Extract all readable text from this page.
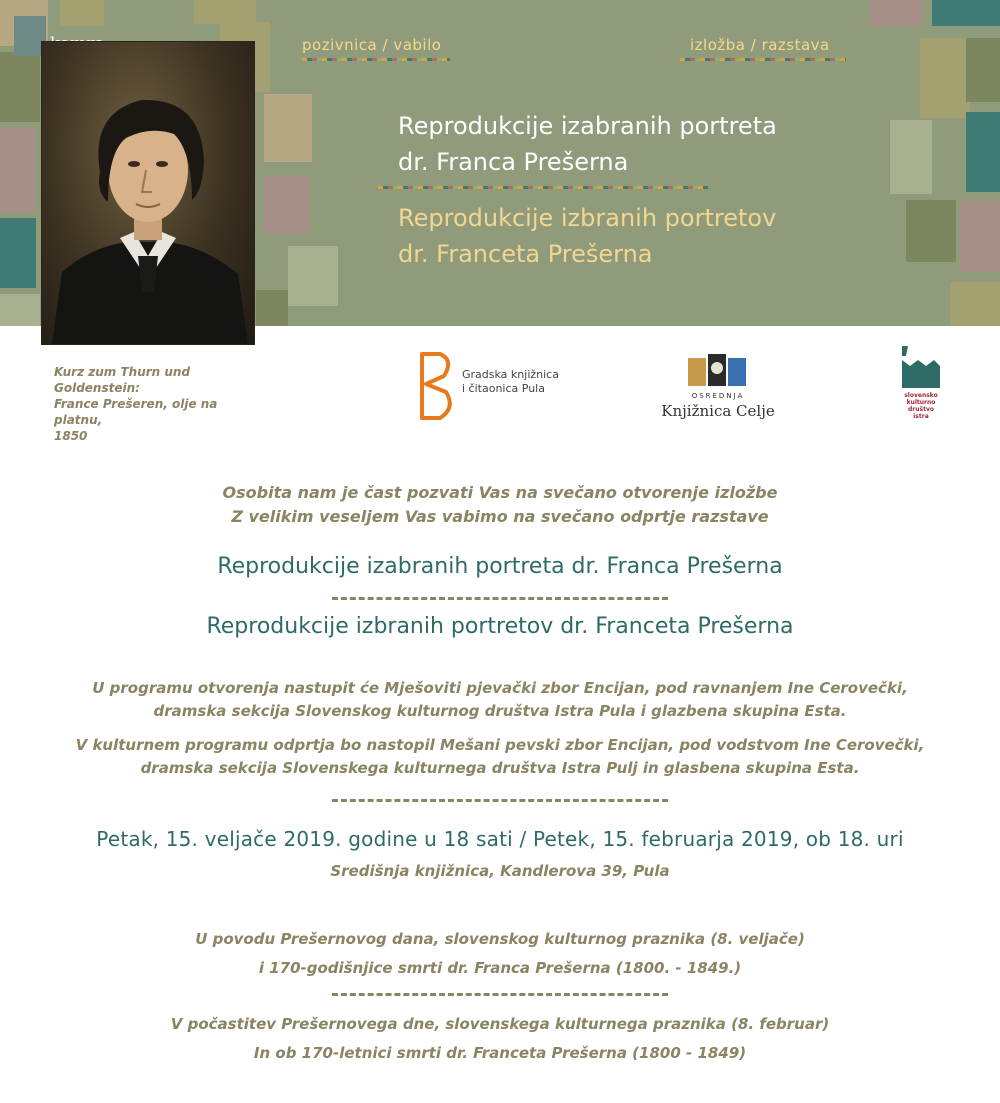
pozivnica / vabilo	izložba / razstava
Reprodukcije izabranih portreta
dr. Franca Prešerna
Reprodukcije izbranih portretov
dr. Franceta Prešerna
Kurz zum Thurn und Goldenstein:
France Prešeren, olje na platnu,
1850
Gradska knjižnica
i čitaonica Pula
OSREDNJA
Knjižnica Celje
slovensko
kulturno
društvo
istra
Osobita nam je čast pozvati Vas na svečano otvorenje izložbe
Z velikim veseljem Vas vabimo na svečano odprtje razstave
Reprodukcije izabranih portreta dr. Franca Prešerna
Reprodukcije izbranih portretov dr. Franceta Prešerna
U programu otvorenja nastupit će Mješoviti pjevački zbor Encijan, pod ravnanjem Ine Cerovečki,
dramska sekcija Slovenskog kulturnog društva Istra Pula i glazbena skupina Esta.
V kulturnem programu odprtja bo nastopil Mešani pevski zbor Encijan, pod vodstvom Ine Cerovečki,
dramska sekcija Slovenskega kulturnega društva Istra Pulj in glasbena skupina Esta.
Petak, 15. veljače 2019. godine u 18 sati / Petek, 15. februarja 2019, ob 18. uri
Središnja knjižnica, Kandlerova 39, Pula
U povodu Prešernovog dana, slovenskog kulturnog praznika (8. veljače)
i 170-godišnjice smrti dr. Franca Prešerna (1800. - 1849.)
V počastitev Prešernovega dne, slovenskega kulturnega praznika (8. februar)
In ob 170-letnici smrti dr. Franceta Prešerna (1800 - 1849)
